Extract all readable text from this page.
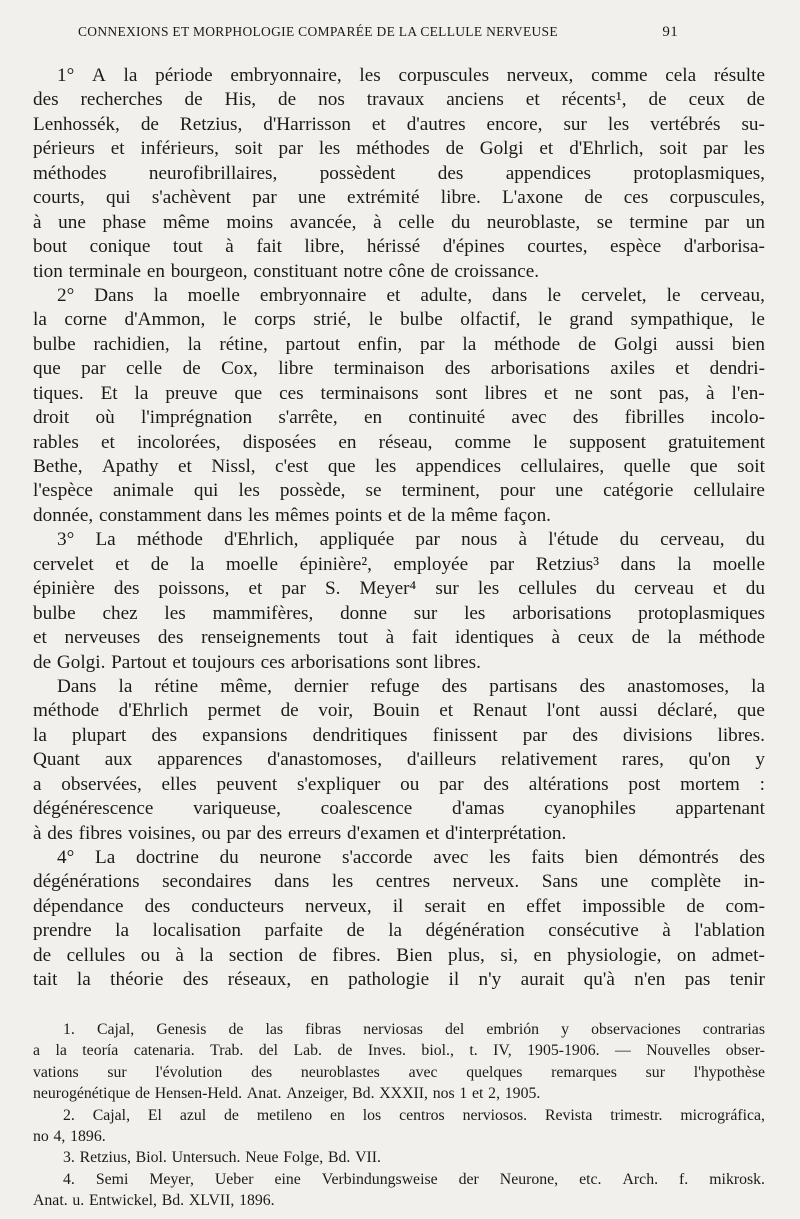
CONNEXIONS ET MORPHOLOGIE COMPARÉE DE LA CELLULE NERVEUSE	91
1° A la période embryonnaire, les corpuscules nerveux, comme cela résulte
des recherches de His, de nos travaux anciens et récents¹, de ceux de
Lenhossék, de Retzius, d'Harrisson et d'autres encore, sur les vertébrés su-
périeurs et inférieurs, soit par les méthodes de Golgi et d'Ehrlich, soit par les
méthodes neurofibrillaires, possèdent des appendices protoplasmiques,
courts, qui s'achèvent par une extrémité libre. L'axone de ces corpuscules,
à une phase même moins avancée, à celle du neuroblaste, se termine par un
bout conique tout à fait libre, hérissé d'épines courtes, espèce d'arborisa-
tion terminale en bourgeon, constituant notre cône de croissance.
2° Dans la moelle embryonnaire et adulte, dans le cervelet, le cerveau,
la corne d'Ammon, le corps strié, le bulbe olfactif, le grand sympathique, le
bulbe rachidien, la rétine, partout enfin, par la méthode de Golgi aussi bien
que par celle de Cox, libre terminaison des arborisations axiles et dendri-
tiques. Et la preuve que ces terminaisons sont libres et ne sont pas, à l'en-
droit où l'imprégnation s'arrête, en continuité avec des fibrilles incolo-
rables et incolorées, disposées en réseau, comme le supposent gratuitement
Bethe, Apathy et Nissl, c'est que les appendices cellulaires, quelle que soit
l'espèce animale qui les possède, se terminent, pour une catégorie cellulaire
donnée, constamment dans les mêmes points et de la même façon.
3° La méthode d'Ehrlich, appliquée par nous à l'étude du cerveau, du
cervelet et de la moelle épinière², employée par Retzius³ dans la moelle
épinière des poissons, et par S. Meyer⁴ sur les cellules du cerveau et du
bulbe chez les mammifères, donne sur les arborisations protoplasmiques
et nerveuses des renseignements tout à fait identiques à ceux de la méthode
de Golgi. Partout et toujours ces arborisations sont libres.
Dans la rétine même, dernier refuge des partisans des anastomoses, la
méthode d'Ehrlich permet de voir, Bouin et Renaut l'ont aussi déclaré, que
la plupart des expansions dendritiques finissent par des divisions libres.
Quant aux apparences d'anastomoses, d'ailleurs relativement rares, qu'on y
a observées, elles peuvent s'expliquer ou par des altérations post mortem :
dégénérescence variqueuse, coalescence d'amas cyanophiles appartenant
à des fibres voisines, ou par des erreurs d'examen et d'interprétation.
4° La doctrine du neurone s'accorde avec les faits bien démontrés des
dégénérations secondaires dans les centres nerveux. Sans une complète in-
dépendance des conducteurs nerveux, il serait en effet impossible de com-
prendre la localisation parfaite de la dégénération consécutive à l'ablation
de cellules ou à la section de fibres. Bien plus, si, en physiologie, on admet-
tait la théorie des réseaux, en pathologie il n'y aurait qu'à n'en pas tenir
1. Cajal, Genesis de las fibras nerviosas del embrión y observaciones contrarias
a la teoría catenaria. Trab. del Lab. de Inves. biol., t. IV, 1905-1906. — Nouvelles obser-
vations sur l'évolution des neuroblastes avec quelques remarques sur l'hypothèse
neurogénétique de Hensen-Held. Anat. Anzeiger, Bd. XXXII, nos 1 et 2, 1905.
2. Cajal, El azul de metileno en los centros nerviosos. Revista trimestr. micrográfica,
no 4, 1896.
3. Retzius, Biol. Untersuch. Neue Folge, Bd. VII.
4. Semi Meyer, Ueber eine Verbindungsweise der Neurone, etc. Arch. f. mikrosk.
Anat. u. Entwickel, Bd. XLVII, 1896.
